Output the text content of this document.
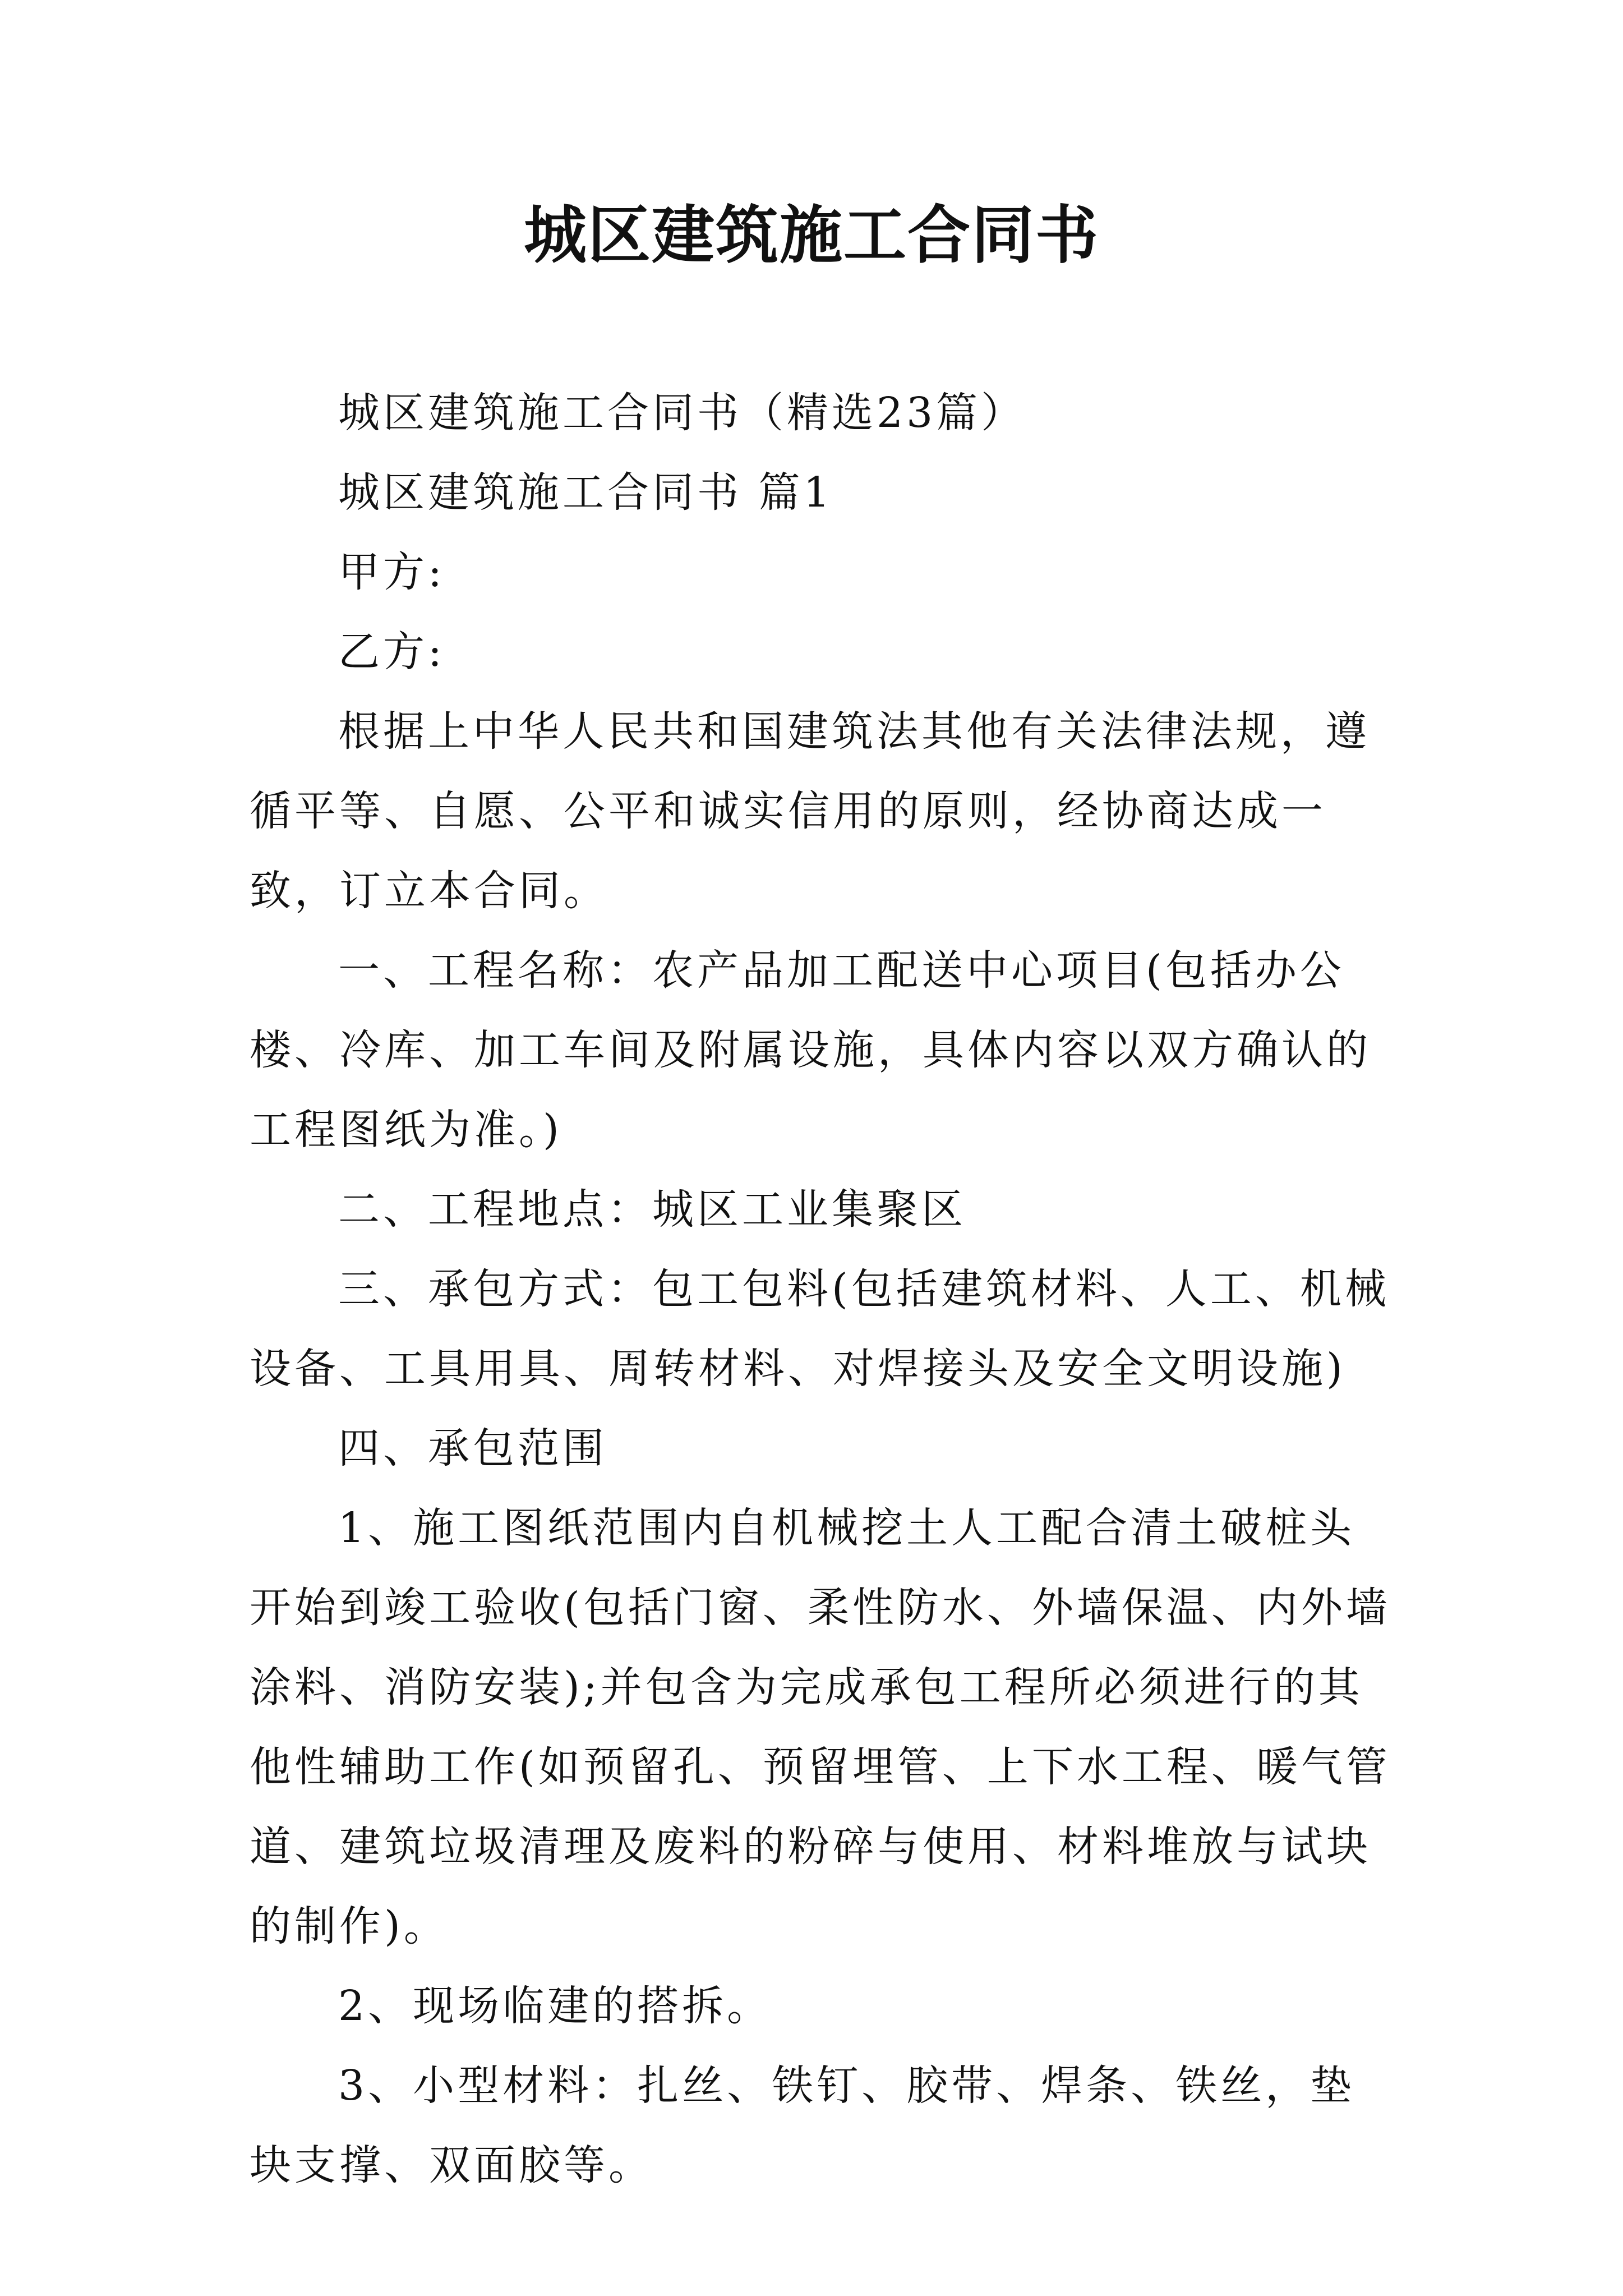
城区建筑施工合同书

城区建筑施工合同书（精选23篇）

城区建筑施工合同书 篇1

甲方:

乙方:

根据上中华人民共和国建筑法其他有关法律法规，遵循平等、自愿、公平和诚实信用的原则，经协商达成一致，订立本合同。

一、工程名称：农产品加工配送中心项目(包括办公楼、冷库、加工车间及附属设施，具体内容以双方确认的工程图纸为准。)

二、工程地点：城区工业集聚区

三、承包方式：包工包料(包括建筑材料、人工、机械设备、工具用具、周转材料、对焊接头及安全文明设施)

四、承包范围

1、施工图纸范围内自机械挖土人工配合清土破桩头开始到竣工验收(包括门窗、柔性防水、外墙保温、内外墙涂料、消防安装);并包含为完成承包工程所必须进行的其他性辅助工作(如预留孔、预留埋管、上下水工程、暖气管道、建筑垃圾清理及废料的粉碎与使用、材料堆放与试块的制作)。

2、现场临建的搭拆。

3、小型材料：扎丝、铁钉、胶带、焊条、铁丝，垫块支撑、双面胶等。
